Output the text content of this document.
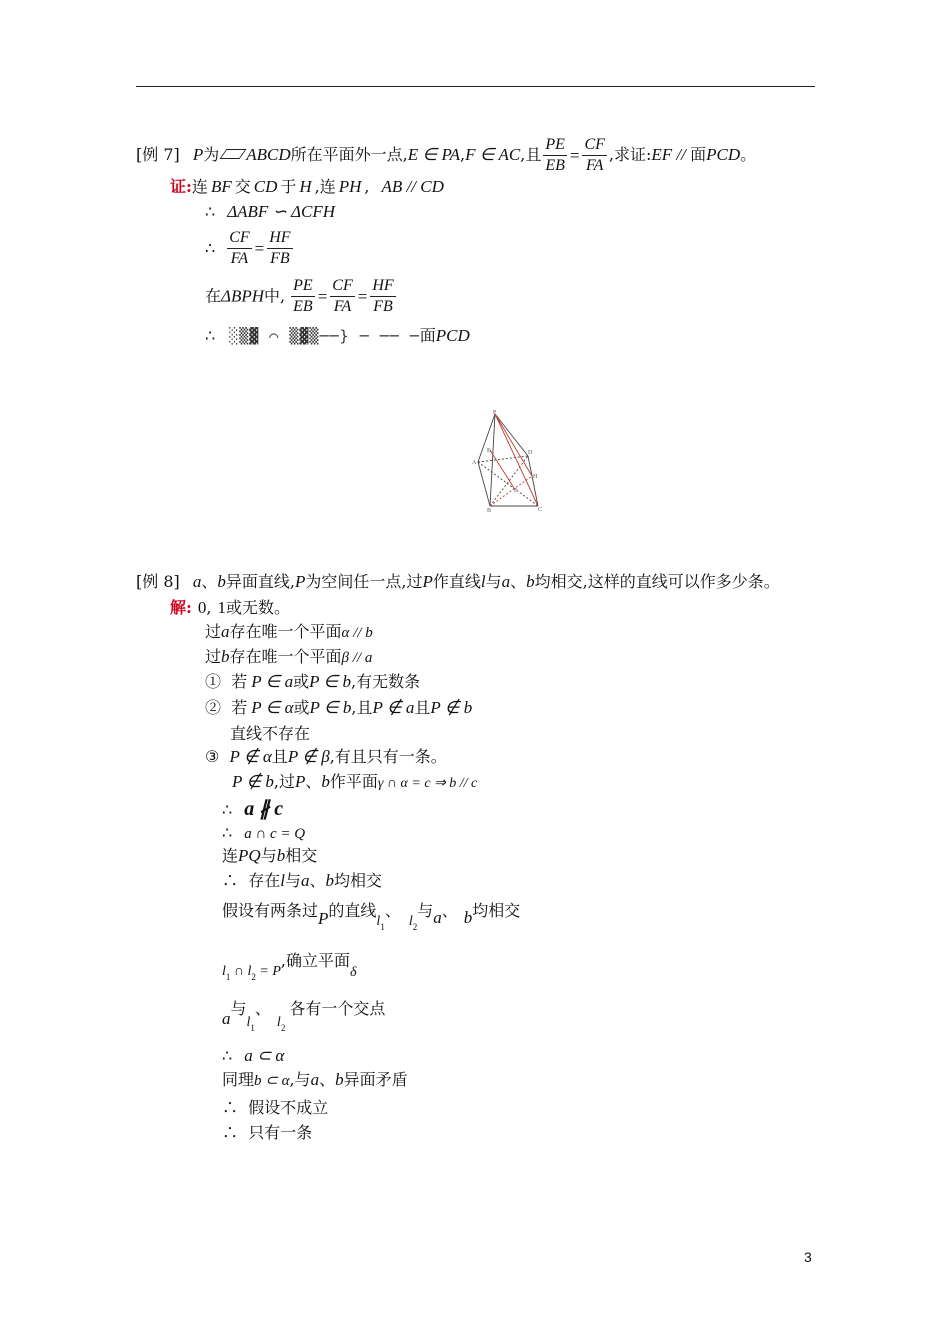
[例 7] P为 ABCD所在平面外一点,E ∈ PA,F ∈ AC,且 $\frac{PE}{EB} = \frac{CF}{FA}$ ,求证:EF // 面PCD。
证:连 BF 交 CD 于 H ,连 PH , AB // CD
∴ ΔABF ∽ ΔCFH
∴ $\frac{CF}{FA} = \frac{HF}{FB}$
在ΔBPH中, $\frac{PE}{EB} = \frac{CF}{FA} = \frac{HF}{FB}$
∴ ░▒▓ ⌒ ▒▓▒──} ─ ── ─面PCD
P
E
A
D
H
F
B	C
[例 8] a、b异面直线,P为空间任一点,过P作直线l与a、b均相交,这样的直线可以作多少条。
解: 0, 1或无数。
过a存在唯一个平面α // b
过b存在唯一个平面β // a
① 若 P ∈ a或P ∈ b,有无数条
② 若 P ∈ α或P ∈ b,且P ∉ a且P ∉ b
直线不存在
③ P ∉ α且P ∉ β,有且只有一条。
P ∉ b,过P、b作平面γ ∩ α = c ⇒ b // c
∴ a ∦ c
∴ a ∩ c = Q
连PQ与b相交
∴ 存在l与a、b均相交
假设有两条过P的直线$l_1$、$l_2$与a、 b均相交
$l_1$ ∩ $l_2 = P$,确立平面δ
a与$l_1$、$l_2$各有一个交点
∴ a ⊂ α
同理b ⊂ α,与a、b异面矛盾
∴ 假设不成立
∴ 只有一条
3
